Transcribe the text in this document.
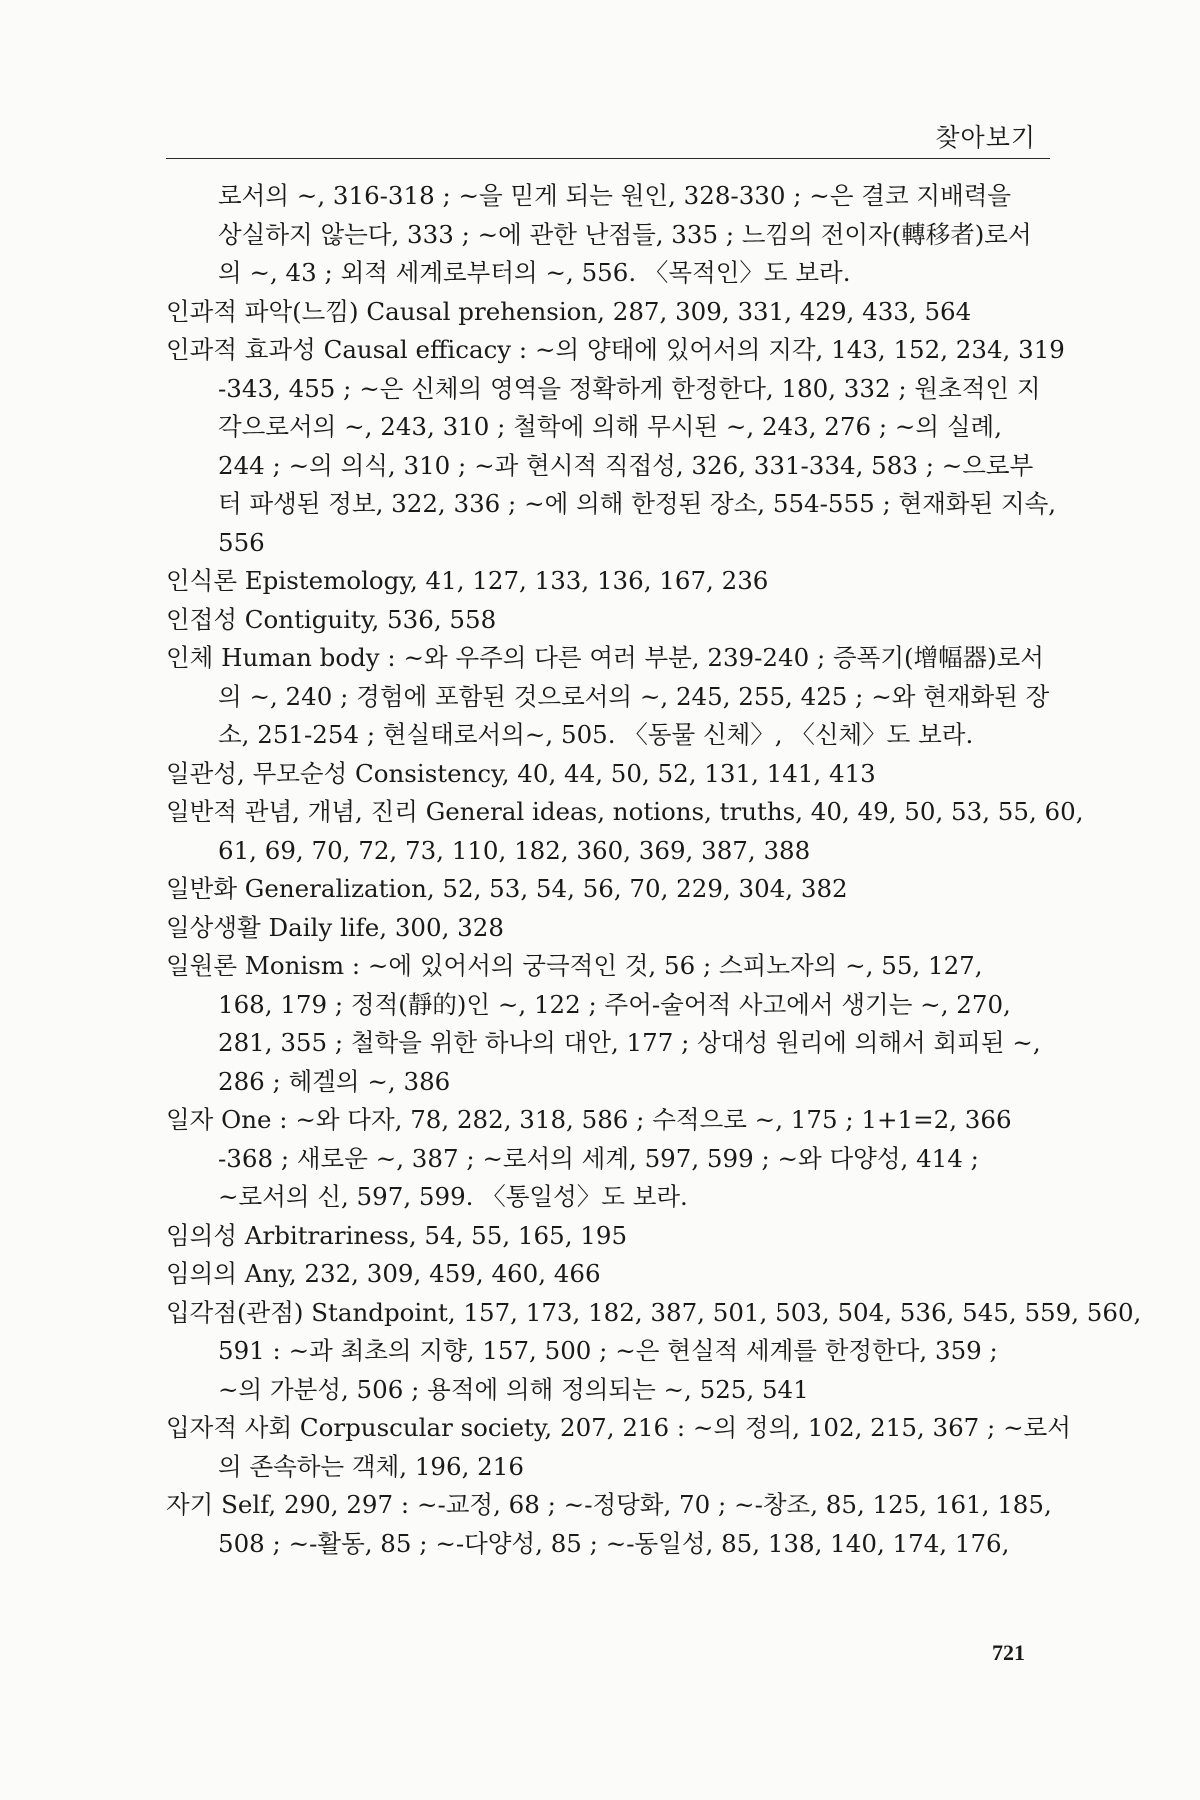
찾아보기
로서의 ~, 316-318 ; ~을 믿게 되는 원인, 328-330 ; ~은 결코 지배력을
상실하지 않는다, 333 ; ~에 관한 난점들, 335 ; 느낌의 전이자(轉移者)로서
의 ~, 43 ; 외적 세계로부터의 ~, 556. 〈목적인〉도 보라.
인과적 파악(느낌) Causal prehension, 287, 309, 331, 429, 433, 564
인과적 효과성 Causal efficacy : ~의 양태에 있어서의 지각, 143, 152, 234, 319
-343, 455 ; ~은 신체의 영역을 정확하게 한정한다, 180, 332 ; 원초적인 지
각으로서의 ~, 243, 310 ; 철학에 의해 무시된 ~, 243, 276 ; ~의 실례,
244 ; ~의 의식, 310 ; ~과 현시적 직접성, 326, 331-334, 583 ; ~으로부
터 파생된 정보, 322, 336 ; ~에 의해 한정된 장소, 554-555 ; 현재화된 지속,
556
인식론 Epistemology, 41, 127, 133, 136, 167, 236
인접성 Contiguity, 536, 558
인체 Human body : ~와 우주의 다른 여러 부분, 239-240 ; 증폭기(增幅器)로서
의 ~, 240 ; 경험에 포함된 것으로서의 ~, 245, 255, 425 ; ~와 현재화된 장
소, 251-254 ; 현실태로서의~, 505. 〈동물 신체〉, 〈신체〉도 보라.
일관성, 무모순성 Consistency, 40, 44, 50, 52, 131, 141, 413
일반적 관념, 개념, 진리 General ideas, notions, truths, 40, 49, 50, 53, 55, 60,
61, 69, 70, 72, 73, 110, 182, 360, 369, 387, 388
일반화 Generalization, 52, 53, 54, 56, 70, 229, 304, 382
일상생활 Daily life, 300, 328
일원론 Monism : ~에 있어서의 궁극적인 것, 56 ; 스피노자의 ~, 55, 127,
168, 179 ; 정적(靜的)인 ~, 122 ; 주어-술어적 사고에서 생기는 ~, 270,
281, 355 ; 철학을 위한 하나의 대안, 177 ; 상대성 원리에 의해서 회피된 ~,
286 ; 헤겔의 ~, 386
일자 One : ~와 다자, 78, 282, 318, 586 ; 수적으로 ~, 175 ; 1+1=2, 366
-368 ; 새로운 ~, 387 ; ~로서의 세계, 597, 599 ; ~와 다양성, 414 ;
~로서의 신, 597, 599. 〈통일성〉도 보라.
임의성 Arbitrariness, 54, 55, 165, 195
임의의 Any, 232, 309, 459, 460, 466
입각점(관점) Standpoint, 157, 173, 182, 387, 501, 503, 504, 536, 545, 559, 560,
591 : ~과 최초의 지향, 157, 500 ; ~은 현실적 세계를 한정한다, 359 ;
~의 가분성, 506 ; 용적에 의해 정의되는 ~, 525, 541
입자적 사회 Corpuscular society, 207, 216 : ~의 정의, 102, 215, 367 ; ~로서
의 존속하는 객체, 196, 216
자기 Self, 290, 297 : ~-교정, 68 ; ~-정당화, 70 ; ~-창조, 85, 125, 161, 185,
508 ; ~-활동, 85 ; ~-다양성, 85 ; ~-동일성, 85, 138, 140, 174, 176,
721
